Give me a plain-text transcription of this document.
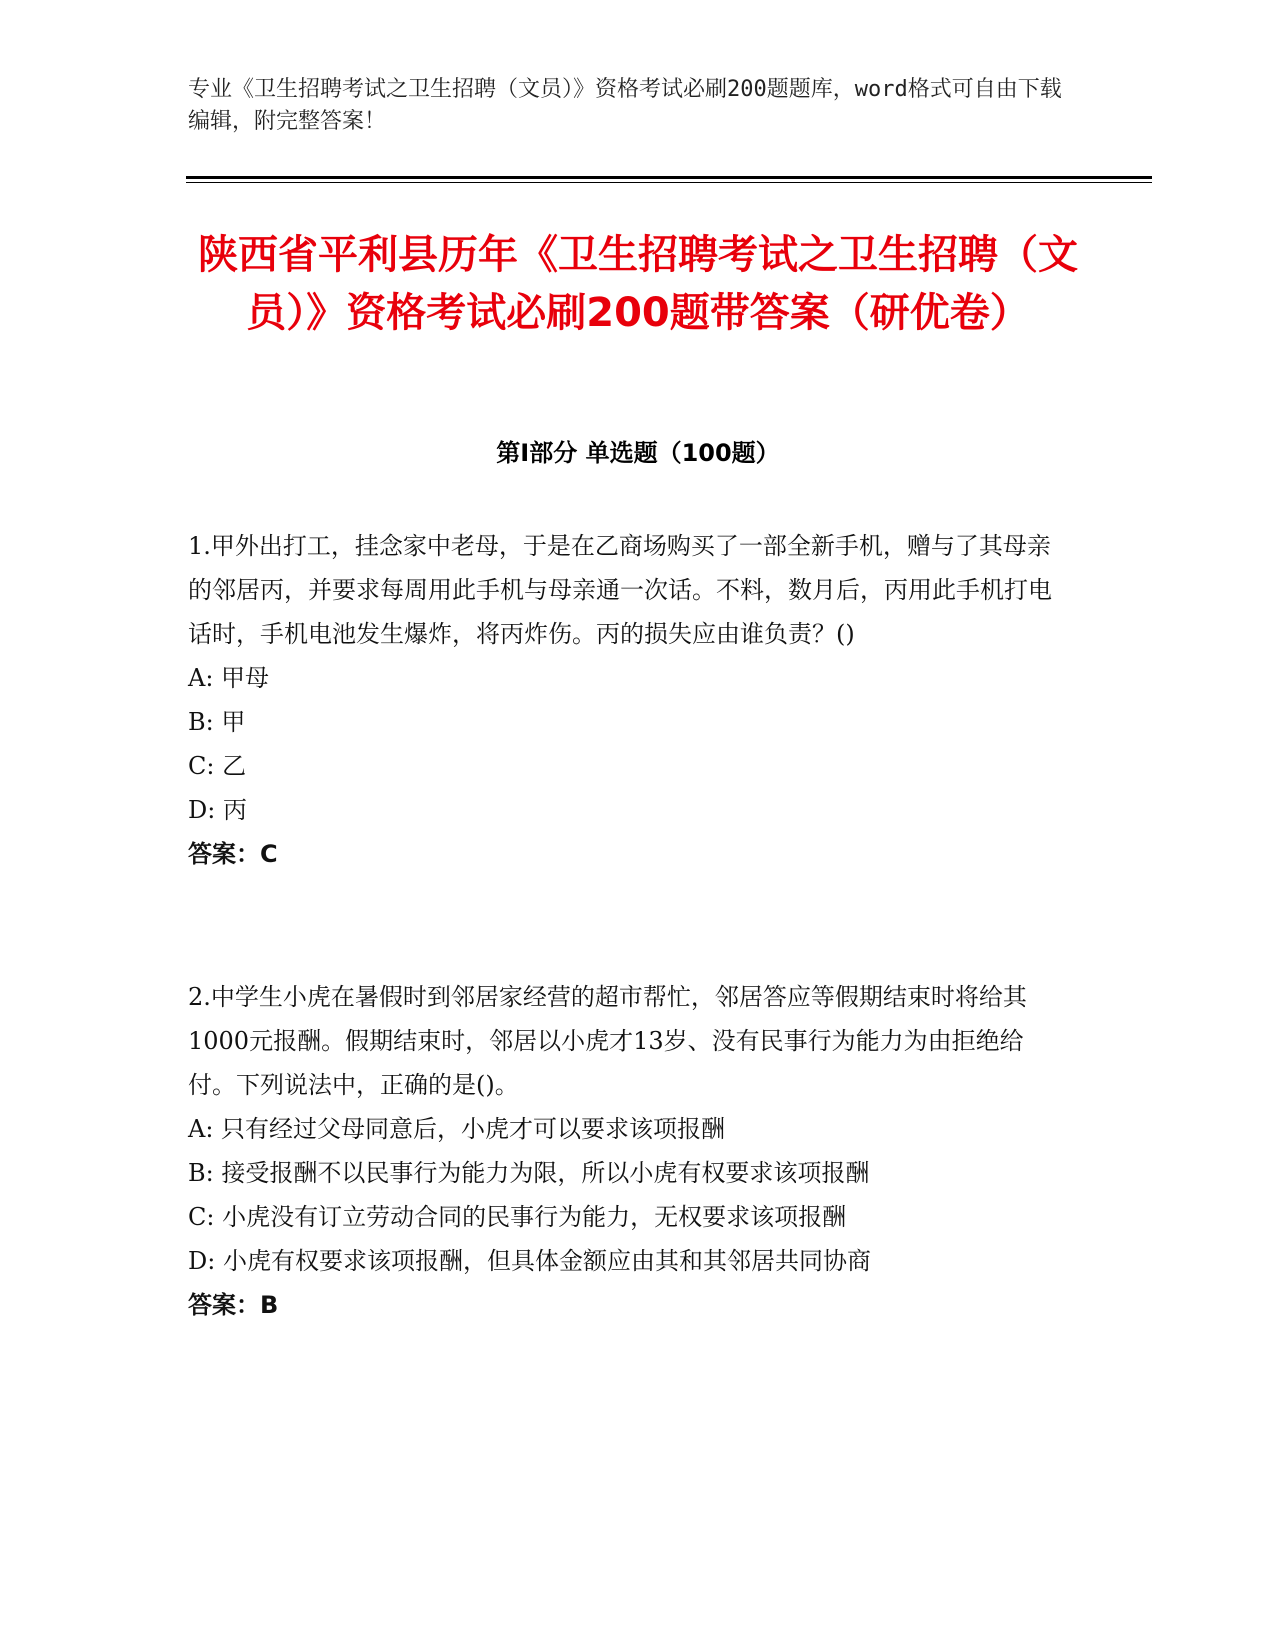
专业《卫生招聘考试之卫生招聘（文员）》资格考试必刷200题题库，word格式可自由下载编辑，附完整答案！
陕西省平利县历年《卫生招聘考试之卫生招聘（文员）》资格考试必刷200题带答案（研优卷）
第Ⅰ部分 单选题（100题）

1.甲外出打工，挂念家中老母，于是在乙商场购买了一部全新手机，赠与了其母亲的邻居丙，并要求每周用此手机与母亲通一次话。不料，数月后，丙用此手机打电话时，手机电池发生爆炸，将丙炸伤。丙的损失应由谁负责？()

A: 甲母

B: 甲

C: 乙

D: 丙

答案：C

2.中学生小虎在暑假时到邻居家经营的超市帮忙，邻居答应等假期结束时将给其1000元报酬。假期结束时，邻居以小虎才13岁、没有民事行为能力为由拒绝给付。下列说法中，正确的是()。

A: 只有经过父母同意后，小虎才可以要求该项报酬

B: 接受报酬不以民事行为能力为限，所以小虎有权要求该项报酬

C: 小虎没有订立劳动合同的民事行为能力，无权要求该项报酬

D: 小虎有权要求该项报酬，但具体金额应由其和其邻居共同协商

答案：B
